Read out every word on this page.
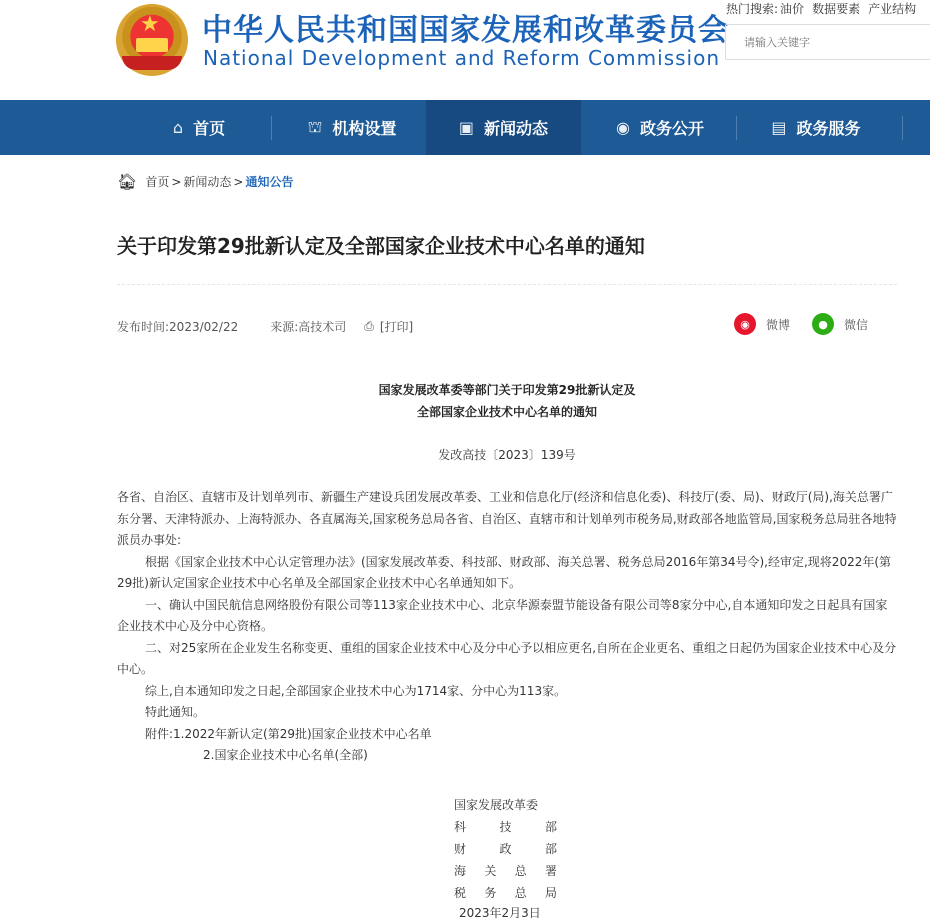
★ 中华人民共和国国家发展和改革委员会
National Development and Reform Commission
热门搜索: 油价 数据要素 产业结构
请输入关键字
⌂ 首页	⛫ 机构设置	▣ 新闻动态	◉ 政务公开	▤ 政务服务
🏠︎ 首页 > 新闻动态 > 通知公告
关于印发第29批新认定及全部国家企业技术中心名单的通知
发布时间:2023/02/22	来源:高技术司 ⎙ [打印]	◉	微博	●	微信
国家发展改革委等部门关于印发第29批新认定及
全部国家企业技术中心名单的通知
发改高技〔2023〕139号

各省、自治区、直辖市及计划单列市、新疆生产建设兵团发展改革委、工业和信息化厅(经济和信息化委)、科技厅(委、局)、财政厅(局),海关总署广东分署、天津特派办、上海特派办、各直属海关,国家税务总局各省、自治区、直辖市和计划单列市税务局,财政部各地监管局,国家税务总局驻各地特派员办事处:

根据《国家企业技术中心认定管理办法》(国家发展改革委、科技部、财政部、海关总署、税务总局2016年第34号令),经审定,现将2022年(第29批)新认定国家企业技术中心名单及全部国家企业技术中心名单通知如下。

一、确认中国民航信息网络股份有限公司等113家企业技术中心、北京华源泰盟节能设备有限公司等8家分中心,自本通知印发之日起具有国家企业技术中心及分中心资格。

二、对25家所在企业发生名称变更、重组的国家企业技术中心及分中心予以相应更名,自所在企业更名、重组之日起仍为国家企业技术中心及分中心。

综上,自本通知印发之日起,全部国家企业技术中心为1714家、分中心为113家。

特此通知。

附件:1.2022年新认定(第29批)国家企业技术中心名单

2.国家企业技术中心名单(全部)

国家发展改革委
科	技	部
财	政	部
海 关 总 署
税 务 总 局
2023年2月3日
